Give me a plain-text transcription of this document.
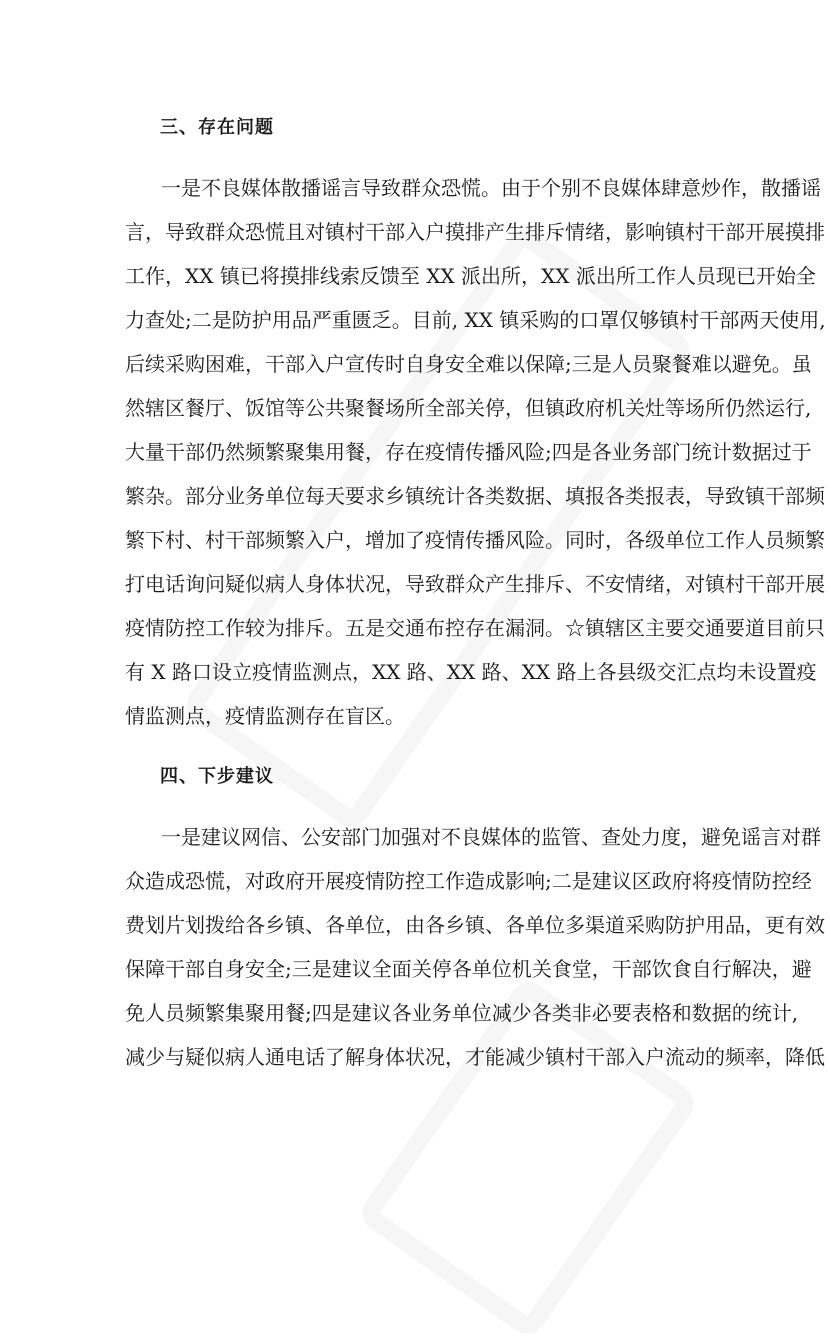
三、存在问题
一是不良媒体散播谣言导致群众恐慌。由于个别不良媒体肆意炒作，散播谣
言，导致群众恐慌且对镇村干部入户摸排产生排斥情绪，影响镇村干部开展摸排
工作，XX 镇已将摸排线索反馈至 XX 派出所，XX 派出所工作人员现已开始全
力查处;二是防护用品严重匮乏。目前, XX 镇采购的口罩仅够镇村干部两天使用,
后续采购困难，干部入户宣传时自身安全难以保障;三是人员聚餐难以避免。虽
然辖区餐厅、饭馆等公共聚餐场所全部关停，但镇政府机关灶等场所仍然运行,
大量干部仍然频繁聚集用餐，存在疫情传播风险;四是各业务部门统计数据过于
繁杂。部分业务单位每天要求乡镇统计各类数据、填报各类报表，导致镇干部频
繁下村、村干部频繁入户，增加了疫情传播风险。同时，各级单位工作人员频繁
打电话询问疑似病人身体状况，导致群众产生排斥、不安情绪，对镇村干部开展
疫情防控工作较为排斥。五是交通布控存在漏洞。☆镇辖区主要交通要道目前只
有 X 路口设立疫情监测点，XX 路、XX 路、XX 路上各县级交汇点均未设置疫
情监测点，疫情监测存在盲区。
四、下步建议
一是建议网信、公安部门加强对不良媒体的监管、查处力度，避免谣言对群
众造成恐慌，对政府开展疫情防控工作造成影响;二是建议区政府将疫情防控经
费划片划拨给各乡镇、各单位，由各乡镇、各单位多渠道采购防护用品，更有效
保障干部自身安全;三是建议全面关停各单位机关食堂，干部饮食自行解决，避
免人员频繁集聚用餐;四是建议各业务单位减少各类非必要表格和数据的统计,
减少与疑似病人通电话了解身体状况，才能减少镇村干部入户流动的频率，降低
